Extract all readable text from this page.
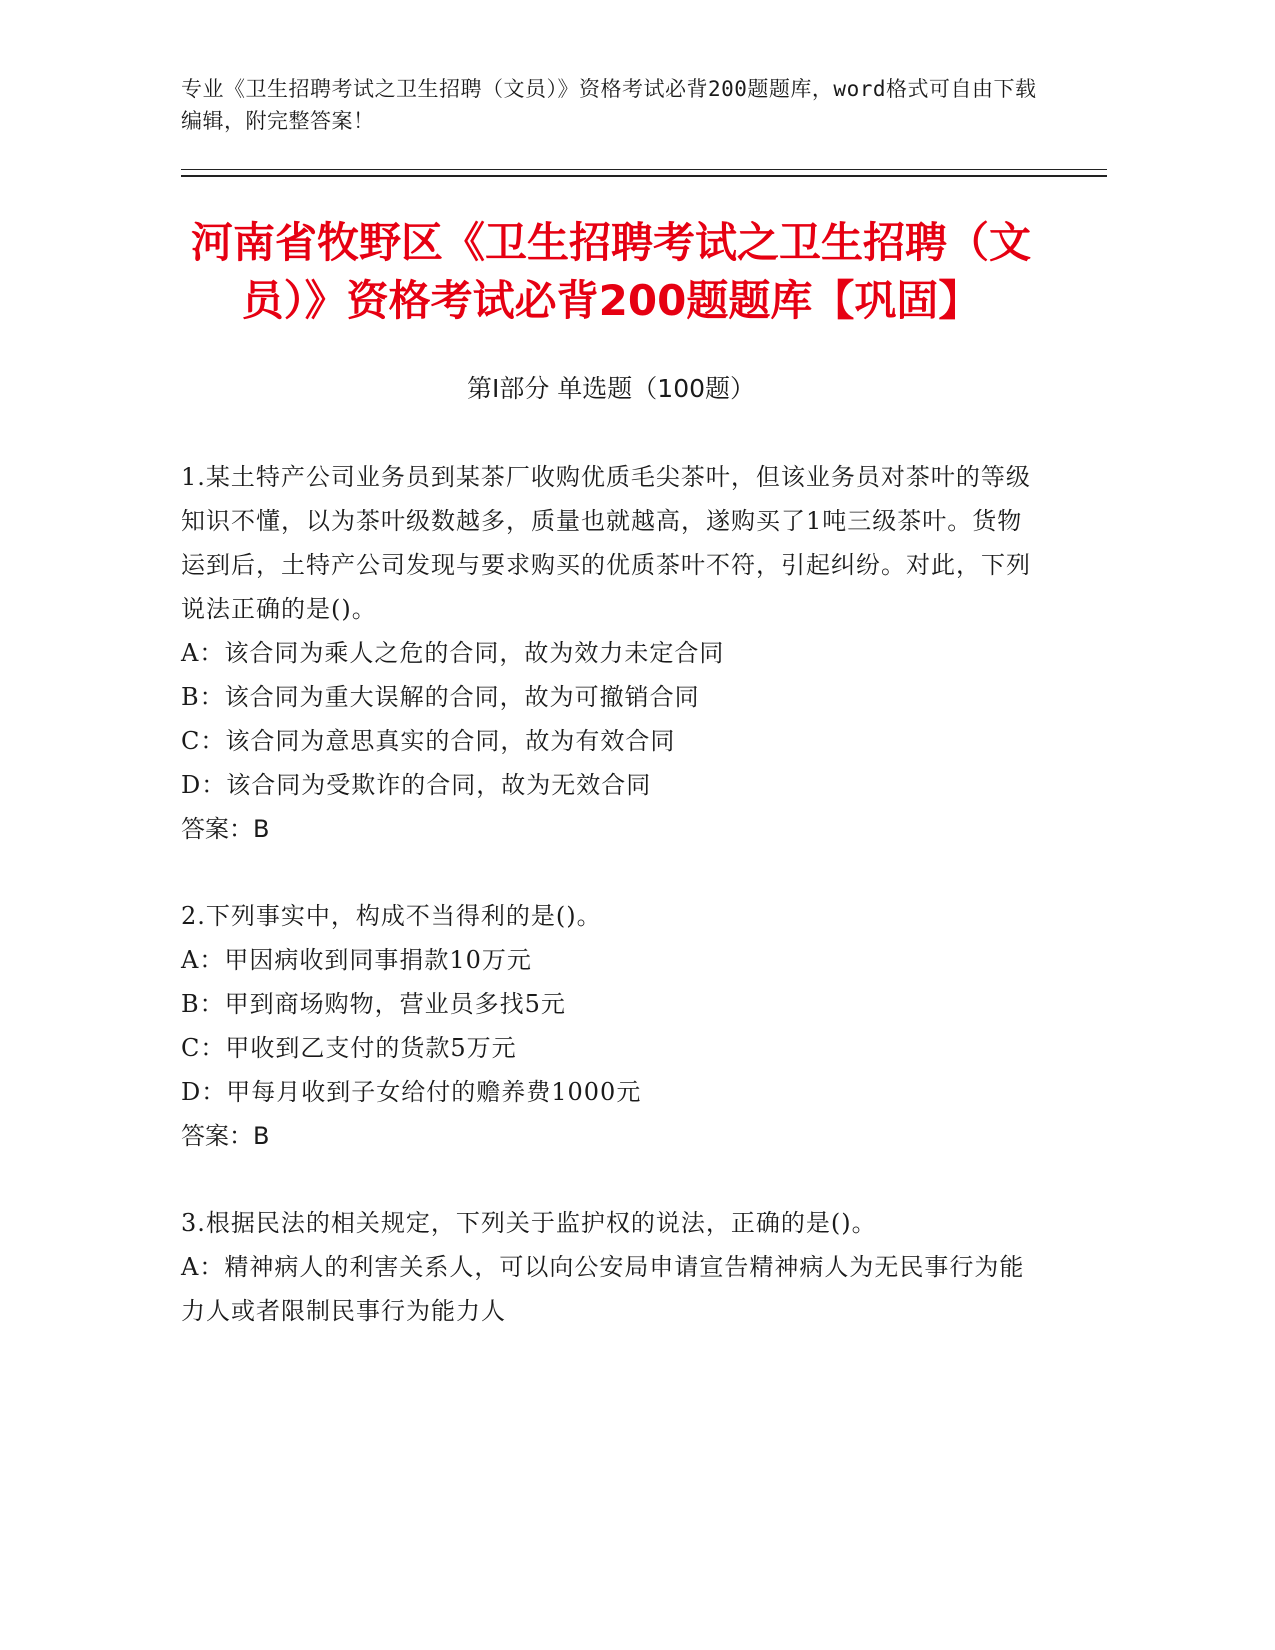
专业《卫生招聘考试之卫生招聘（文员）》资格考试必背200题题库，word格式可自由下载编辑，附完整答案！
河南省牧野区《卫生招聘考试之卫生招聘（文员）》资格考试必背200题题库【巩固】
第I部分 单选题（100题）

1.某土特产公司业务员到某茶厂收购优质毛尖茶叶，但该业务员对茶叶的等级知识不懂，以为茶叶级数越多，质量也就越高，遂购买了1吨三级茶叶。货物运到后，土特产公司发现与要求购买的优质茶叶不符，引起纠纷。对此，下列说法正确的是()。

A：该合同为乘人之危的合同，故为效力未定合同

B：该合同为重大误解的合同，故为可撤销合同

C：该合同为意思真实的合同，故为有效合同

D：该合同为受欺诈的合同，故为无效合同

答案：B

2.下列事实中，构成不当得利的是()。

A：甲因病收到同事捐款10万元

B：甲到商场购物，营业员多找5元

C：甲收到乙支付的货款5万元

D：甲每月收到子女给付的赡养费1000元

答案：B

3.根据民法的相关规定，下列关于监护权的说法，正确的是()。

A：精神病人的利害关系人，可以向公安局申请宣告精神病人为无民事行为能力人或者限制民事行为能力人
